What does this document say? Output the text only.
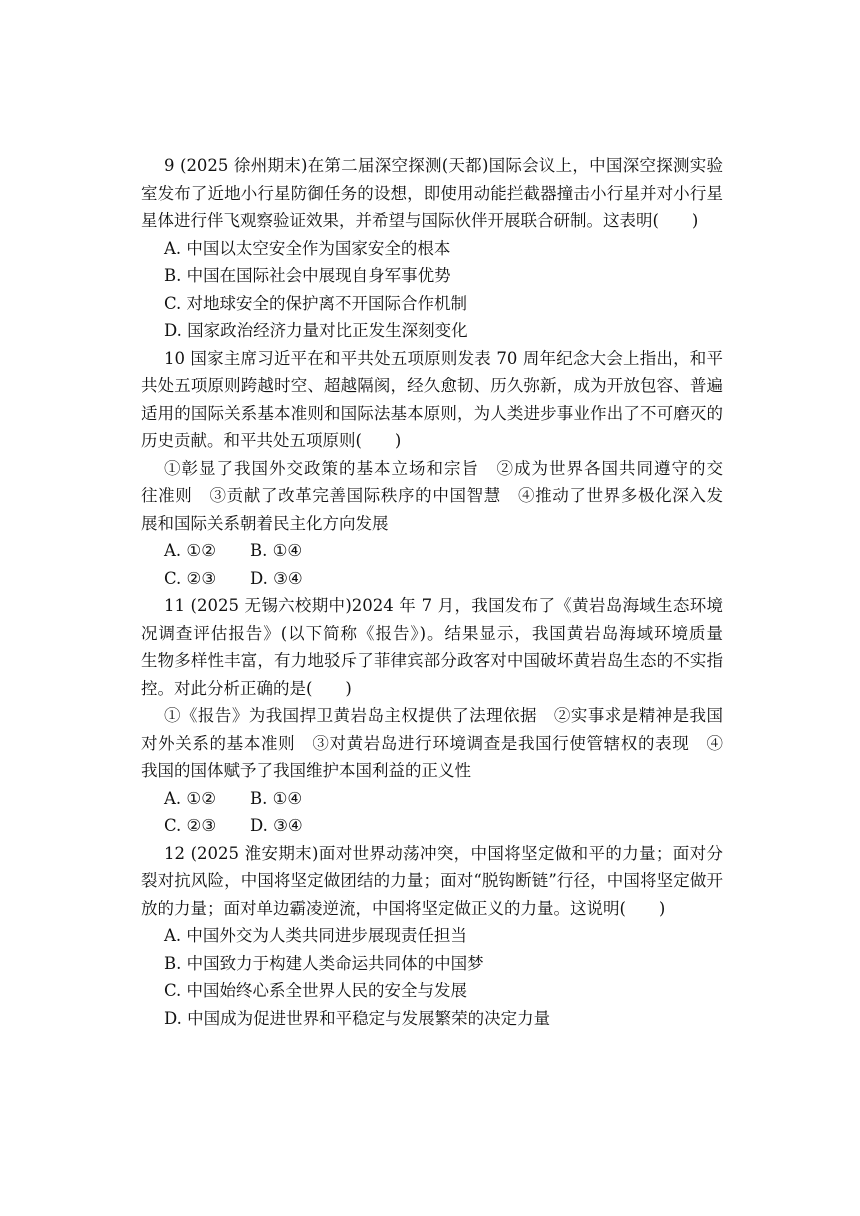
9 (2025 徐州期末)在第二届深空探测(天都)国际会议上，中国深空探测实验
室发布了近地小行星防御任务的设想，即使用动能拦截器撞击小行星并对小行星
星体进行伴飞观察验证效果，并希望与国际伙伴开展联合研制。这表明(　　)
A. 中国以太空安全作为国家安全的根本
B. 中国在国际社会中展现自身军事优势
C. 对地球安全的保护离不开国际合作机制
D. 国家政治经济力量对比正发生深刻变化
10 国家主席习近平在和平共处五项原则发表 70 周年纪念大会上指出，和平
共处五项原则跨越时空、超越隔阂，经久愈韧、历久弥新，成为开放包容、普遍
适用的国际关系基本准则和国际法基本原则，为人类进步事业作出了不可磨灭的
历史贡献。和平共处五项原则(　　)
①彰显了我国外交政策的基本立场和宗旨　②成为世界各国共同遵守的交
往准则　③贡献了改革完善国际秩序的中国智慧　④推动了世界多极化深入发
展和国际关系朝着民主化方向发展
A. ①② B. ①④
C. ②③ D. ③④
11 (2025 无锡六校期中)2024 年 7 月，我国发布了《黄岩岛海域生态环境
况调查评估报告》(以下简称《报告》)。结果显示，我国黄岩岛海域环境质量
生物多样性丰富，有力地驳斥了菲律宾部分政客对中国破坏黄岩岛生态的不实指
控。对此分析正确的是(　　)
①《报告》为我国捍卫黄岩岛主权提供了法理依据　②实事求是精神是我国
对外关系的基本准则　③对黄岩岛进行环境调查是我国行使管辖权的表现　④
我国的国体赋予了我国维护本国利益的正义性
A. ①② B. ①④
C. ②③ D. ③④
12 (2025 淮安期末)面对世界动荡冲突，中国将坚定做和平的力量；面对分
裂对抗风险，中国将坚定做团结的力量；面对“脱钩断链”行径，中国将坚定做开
放的力量；面对单边霸凌逆流，中国将坚定做正义的力量。这说明(　　)
A. 中国外交为人类共同进步展现责任担当
B. 中国致力于构建人类命运共同体的中国梦
C. 中国始终心系全世界人民的安全与发展
D. 中国成为促进世界和平稳定与发展繁荣的决定力量
